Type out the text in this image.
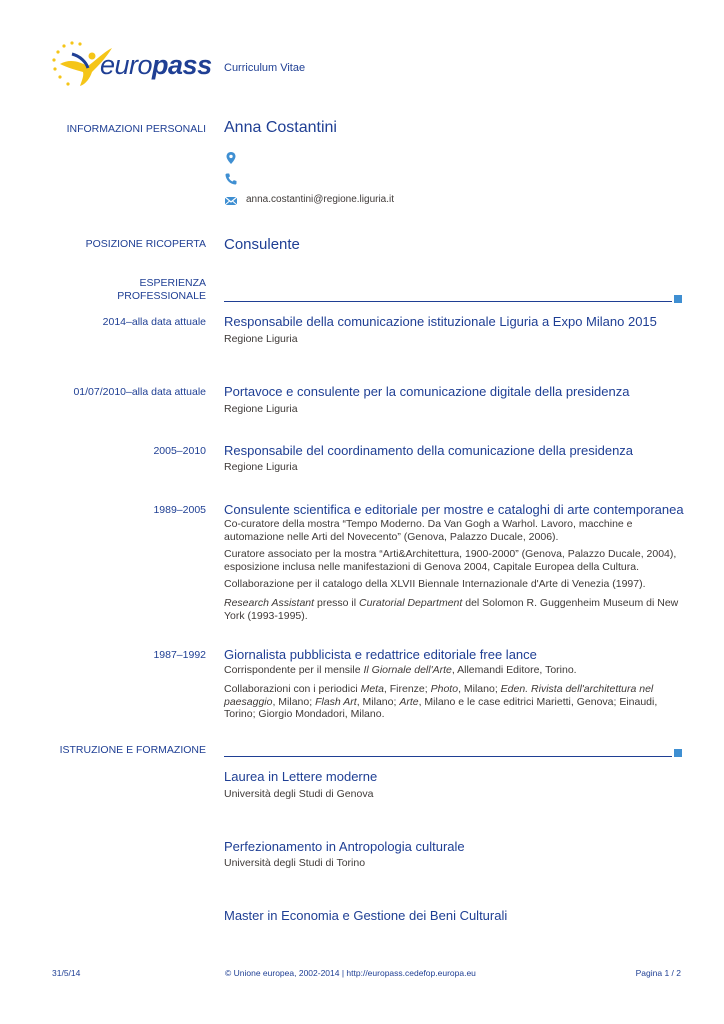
europass Curriculum Vitae
INFORMAZIONI PERSONALI Anna Costantini
anna.costantini@regione.liguria.it
POSIZIONE RICOPERTA Consulente
ESPERIENZA
PROFESSIONALE
2014–alla data attuale Responsabile della comunicazione istituzionale Liguria a Expo Milano 2015
Regione Liguria
01/07/2010–alla data attuale Portavoce e consulente per la comunicazione digitale della presidenza
Regione Liguria
2005–2010 Responsabile del coordinamento della comunicazione della presidenza
Regione Liguria
1989–2005 Consulente scientifica e editoriale per mostre e cataloghi di arte contemporanea
Co-curatore della mostra “Tempo Moderno. Da Van Gogh a Warhol. Lavoro, macchine e automazione nelle Arti del Novecento” (Genova, Palazzo Ducale, 2006).
Curatore associato per la mostra “Arti&Architettura, 1900-2000” (Genova, Palazzo Ducale, 2004), esposizione inclusa nelle manifestazioni di Genova 2004, Capitale Europea della Cultura.
Collaborazione per il catalogo della XLVII Biennale Internazionale d'Arte di Venezia (1997).
Research Assistant presso il Curatorial Department del Solomon R. Guggenheim Museum di New York (1993-1995).
1987–1992 Giornalista pubblicista e redattrice editoriale free lance
Corrispondente per il mensile Il Giornale dell'Arte, Allemandi Editore, Torino.
Collaborazioni con i periodici Meta, Firenze; Photo, Milano; Eden. Rivista dell'architettura nel paesaggio, Milano; Flash Art, Milano; Arte, Milano e le case editrici Marietti, Genova; Einaudi, Torino; Giorgio Mondadori, Milano.
ISTRUZIONE E FORMAZIONE
Laurea in Lettere moderne
Università degli Studi di Genova
Perfezionamento in Antropologia culturale
Università degli Studi di Torino
Master in Economia e Gestione dei Beni Culturali
31/5/14	© Unione europea, 2002-2014 | http://europass.cedefop.europa.eu	Pagina 1 / 2
